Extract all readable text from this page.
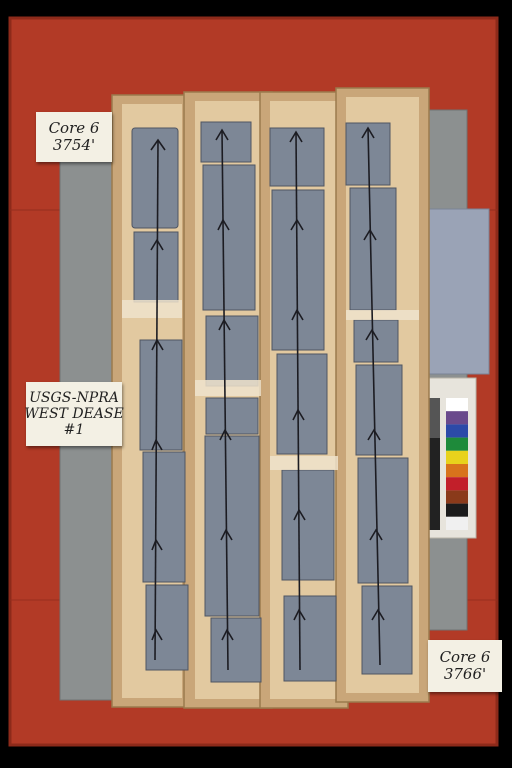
Core 6
3754'
USGS-NPRA
WEST DEASE
#1
Core 6
3766'
